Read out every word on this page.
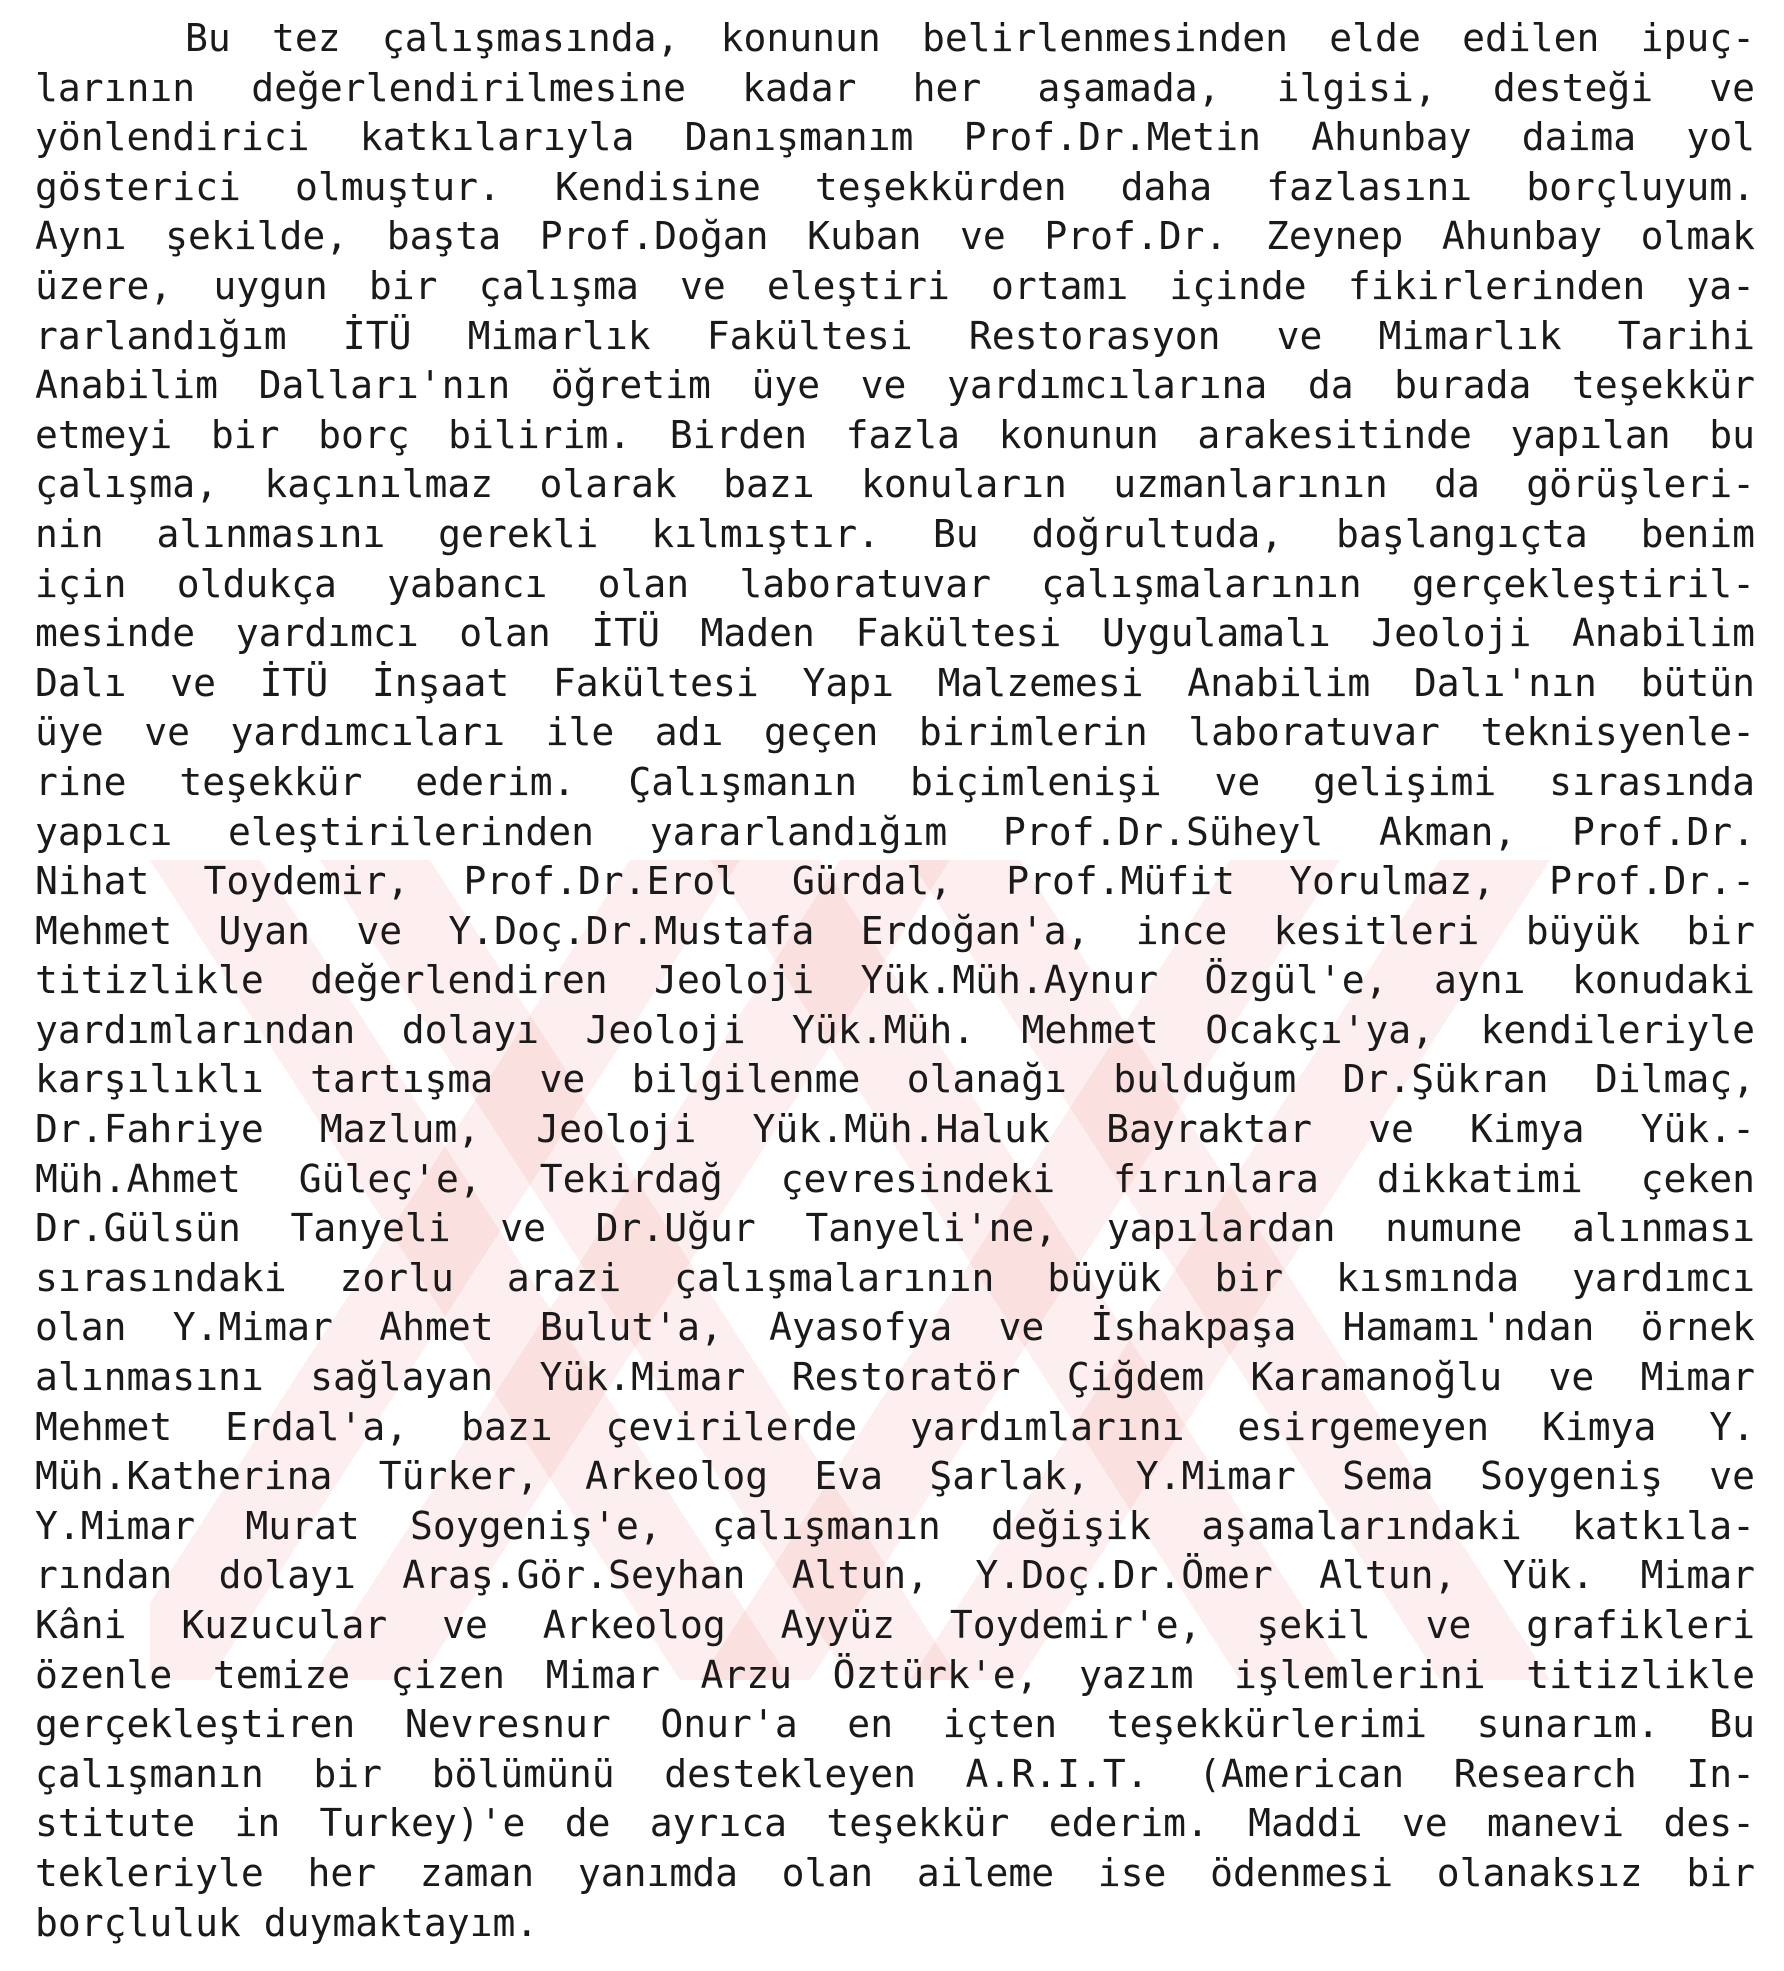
Bu tez çalışmasında, konunun belirlenmesinden elde edilen ipuç-
larının değerlendirilmesine kadar her aşamada, ilgisi, desteği ve
yönlendirici katkılarıyla Danışmanım Prof.Dr.Metin Ahunbay daima yol
gösterici olmuştur. Kendisine teşekkürden daha fazlasını borçluyum.
Aynı şekilde, başta Prof.Doğan Kuban ve Prof.Dr. Zeynep Ahunbay olmak
üzere, uygun bir çalışma ve eleştiri ortamı içinde fikirlerinden ya-
rarlandığım İTÜ Mimarlık Fakültesi Restorasyon ve Mimarlık Tarihi
Anabilim Dalları'nın öğretim üye ve yardımcılarına da burada teşekkür
etmeyi bir borç bilirim. Birden fazla konunun arakesitinde yapılan bu
çalışma, kaçınılmaz olarak bazı konuların uzmanlarının da görüşleri-
nin alınmasını gerekli kılmıştır. Bu doğrultuda, başlangıçta benim
için oldukça yabancı olan laboratuvar çalışmalarının gerçekleştiril-
mesinde yardımcı olan İTÜ Maden Fakültesi Uygulamalı Jeoloji Anabilim
Dalı ve İTÜ İnşaat Fakültesi Yapı Malzemesi Anabilim Dalı'nın bütün
üye ve yardımcıları ile adı geçen birimlerin laboratuvar teknisyenle-
rine teşekkür ederim. Çalışmanın biçimlenişi ve gelişimi sırasında
yapıcı eleştirilerinden yararlandığım Prof.Dr.Süheyl Akman, Prof.Dr.
Nihat Toydemir, Prof.Dr.Erol Gürdal, Prof.Müfit Yorulmaz, Prof.Dr.-
Mehmet Uyan ve Y.Doç.Dr.Mustafa Erdoğan'a, ince kesitleri büyük bir
titizlikle değerlendiren Jeoloji Yük.Müh.Aynur Özgül'e, aynı konudaki
yardımlarından dolayı Jeoloji Yük.Müh. Mehmet Ocakçı'ya, kendileriyle
karşılıklı tartışma ve bilgilenme olanağı bulduğum Dr.Şükran Dilmaç,
Dr.Fahriye Mazlum, Jeoloji Yük.Müh.Haluk Bayraktar ve Kimya Yük.-
Müh.Ahmet Güleç'e, Tekirdağ çevresindeki fırınlara dikkatimi çeken
Dr.Gülsün Tanyeli ve Dr.Uğur Tanyeli'ne, yapılardan numune alınması
sırasındaki zorlu arazi çalışmalarının büyük bir kısmında yardımcı
olan Y.Mimar Ahmet Bulut'a, Ayasofya ve İshakpaşa Hamamı'ndan örnek
alınmasını sağlayan Yük.Mimar Restoratör Çiğdem Karamanoğlu ve Mimar
Mehmet Erdal'a, bazı çevirilerde yardımlarını esirgemeyen Kimya Y.
Müh.Katherina Türker, Arkeolog Eva Şarlak, Y.Mimar Sema Soygeniş ve
Y.Mimar Murat Soygeniş'e, çalışmanın değişik aşamalarındaki katkıla-
rından dolayı Araş.Gör.Seyhan Altun, Y.Doç.Dr.Ömer Altun, Yük. Mimar
Kâni Kuzucular ve Arkeolog Ayyüz Toydemir'e, şekil ve grafikleri
özenle temize çizen Mimar Arzu Öztürk'e, yazım işlemlerini titizlikle
gerçekleştiren Nevresnur Onur'a en içten teşekkürlerimi sunarım. Bu
çalışmanın bir bölümünü destekleyen A.R.I.T. (American Research In-
stitute in Turkey)'e de ayrıca teşekkür ederim. Maddi ve manevi des-
tekleriyle her zaman yanımda olan aileme ise ödenmesi olanaksız bir
borçluluk duymaktayım.
